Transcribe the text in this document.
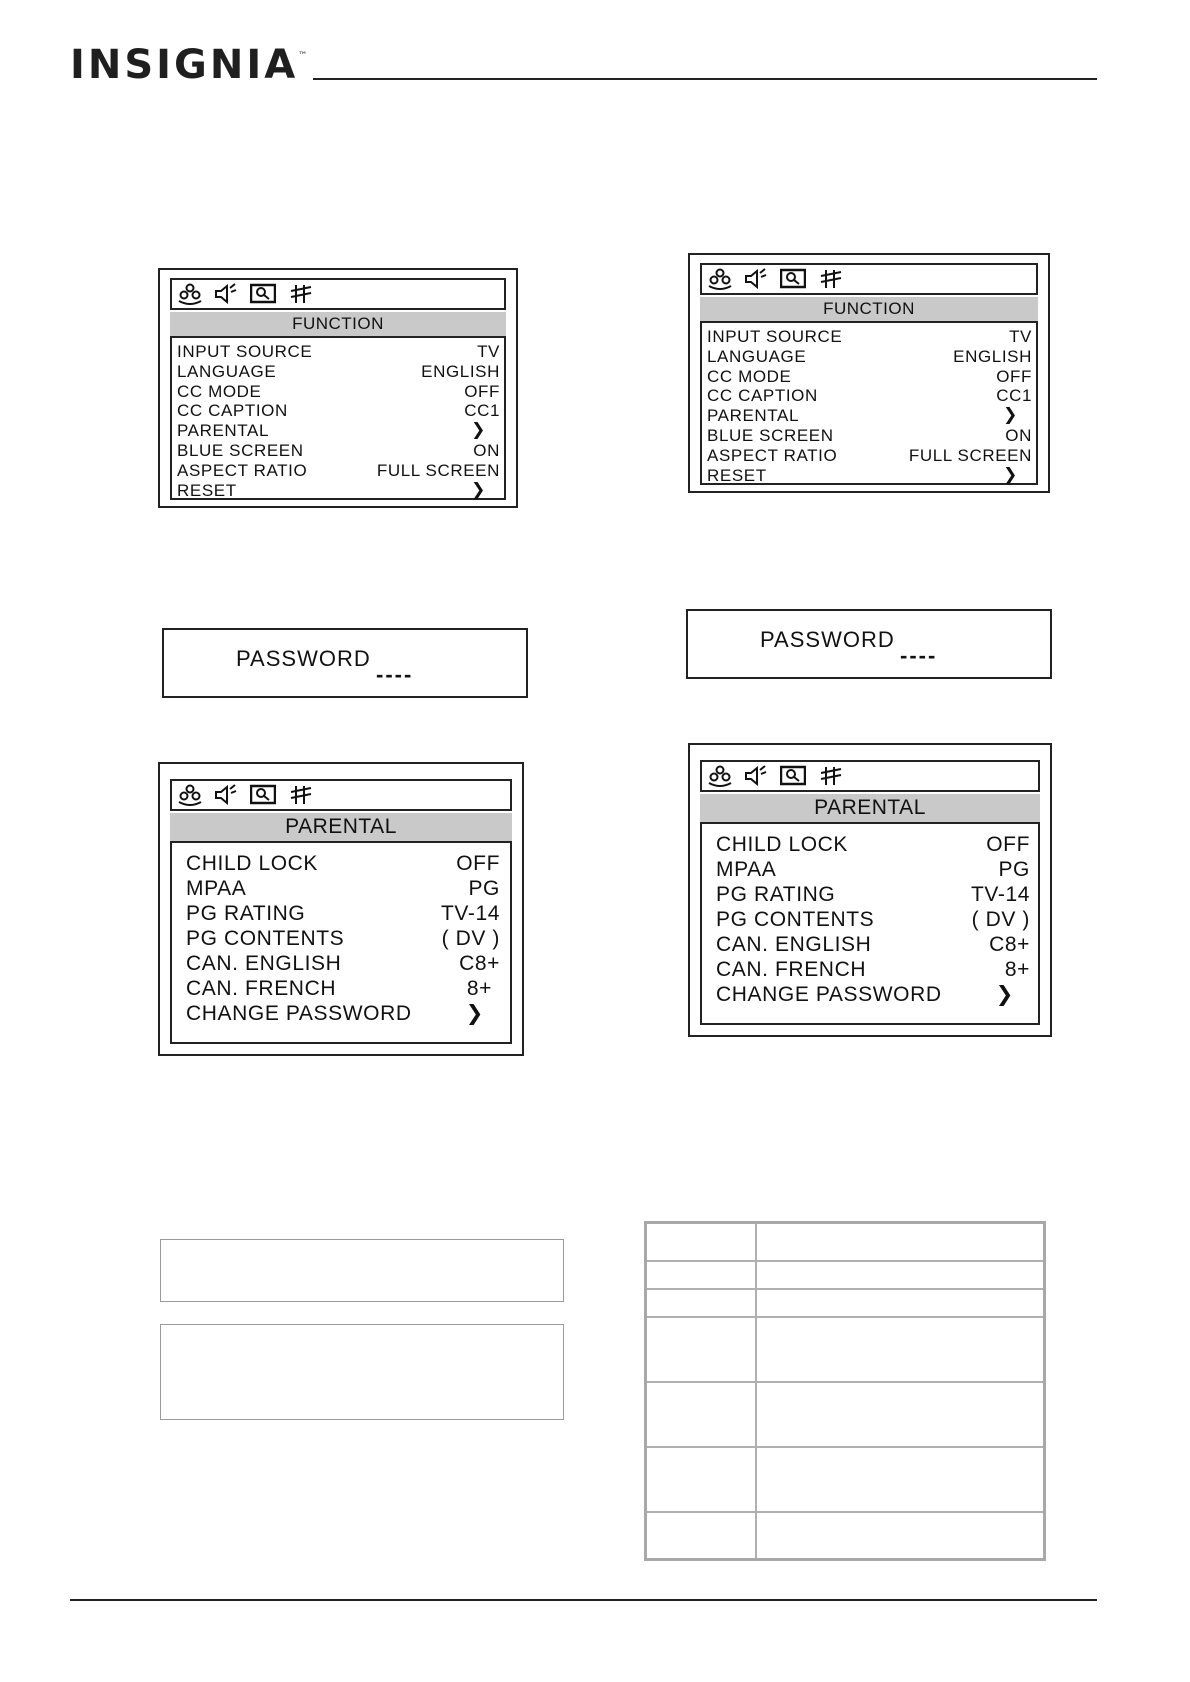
INSIGNIA™
FUNCTION
INPUT SOURCE	TV
LANGUAGE	ENGLISH
CC MODE	OFF
CC CAPTION	CC1
PARENTAL	❯
BLUE SCREEN	ON
ASPECT RATIO	FULL SCREEN
RESET	❯
FUNCTION
INPUT SOURCE	TV
LANGUAGE	ENGLISH
CC MODE	OFF
CC CAPTION	CC1
PARENTAL	❯
BLUE SCREEN	ON
ASPECT RATIO	FULL SCREEN
RESET	❯
PASSWORD
----
PASSWORD
----
PARENTAL
CHILD LOCK	OFF
MPAA	PG
PG RATING	TV-14
PG CONTENTS	( DV )
CAN. ENGLISH	C8+
CAN. FRENCH	8+
CHANGE PASSWORD	❯
PARENTAL
CHILD LOCK	OFF
MPAA	PG
PG RATING	TV-14
PG CONTENTS	( DV )
CAN. ENGLISH	C8+
CAN. FRENCH	8+
CHANGE PASSWORD	❯
